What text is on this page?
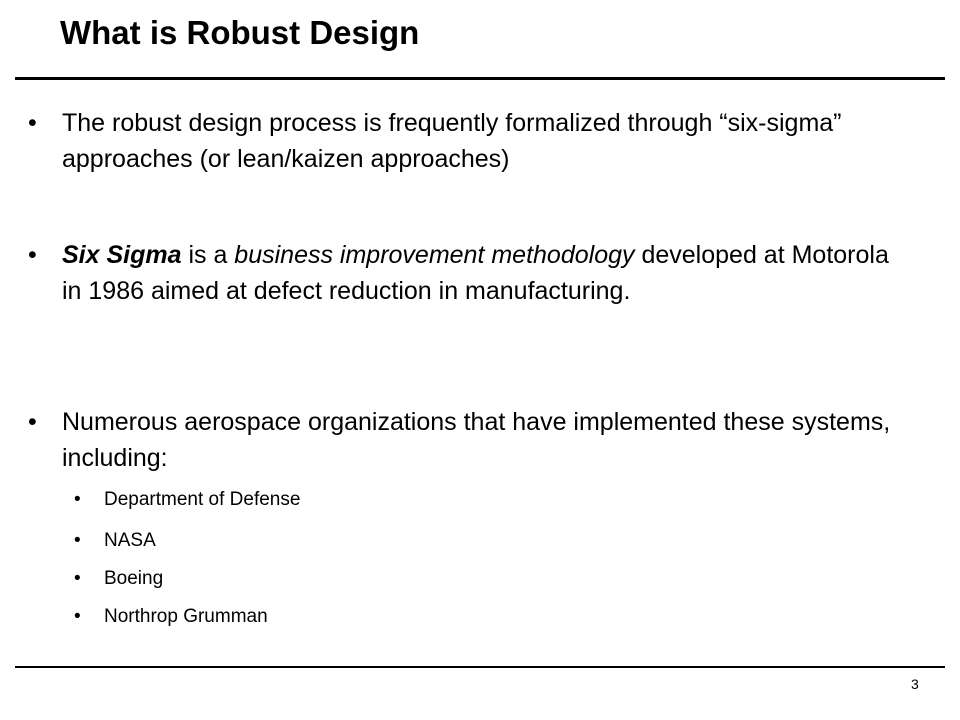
What is Robust Design
• The robust design process is frequently formalized through “six-sigma” approaches (or lean/kaizen approaches)
• Six Sigma is a business improvement methodology developed at Motorola in 1986 aimed at defect reduction in manufacturing.
• Numerous aerospace organizations that have implemented these systems, including:
• Department of Defense
• NASA
• Boeing
• Northrop Grumman
3
